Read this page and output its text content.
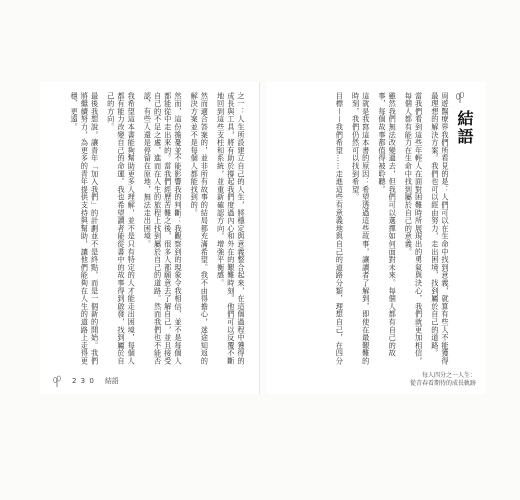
之一：人生所設建立自己的人生，將穩定與意義整合起來，在這個過程中獲得的成長與工具，將有助於撐起我們度過內心和外在的艱難時刻。他們可以反覆不斷地回到這些支柱和系統，並重新確認方向，增強平衡感。

然而適合答案的，並非所有故事的結局都充滿希望。我不由得擔心，迷途知返的解決方案並不是每個人都能找到的。

然而，這份擔憂並不能影響我的判斷：我觀察到的現象令我相信，並不是每個人都能從中走出來的。當我們經歷苦難之後，很多人都願意去了解自己，並且接受自己的不足之處，進而在人生的旅程上找到屬於自己的道路。然而我們也不能否認，有些人還是停留在原地，無法走出困境。

我希望這本書能夠幫助更多人理解，並不是只有特定的人才能走出困境，每個人都有能力改變自己的命運。我也希望讀者能從書中的故事得到啟發，找到屬於自己的方向。

最後我想說，讓青年「加入我們」的計劃並不是終點，而是一個新的開始。我們將繼續努力，為更多的青年提供支持與幫助，讓他們能夠在人生的道路上走得更穩、更遠。

2 3 0 結語
結語

周遊醫療界我們所看見的是：人們可以在生命中找到意義，就算有些人不能獲得最理想的解決方案。我們也可以經由努力，走出困境，找到屬於自己的道路。

當我們看到這些年輕人在面對困難時所展現出的勇氣與決心，我們就更加相信，每個人都有能力在生命中找到屬於自己的意義。

雖然我們無法改變過去，但我們可以選擇如何面對未來。每個人都有自己的故事，每個故事都值得被聆聽。

這就是我寫這本書的原因：希望透過這些故事，讓讀者了解到，即使在最艱難的時刻，我們仍然可以找到希望。

目標——我們希望……走進這些有意義地與自己的道路分類，理想自己，在四分

每人四分之一人生：
從青春看期待的成長軌跡
